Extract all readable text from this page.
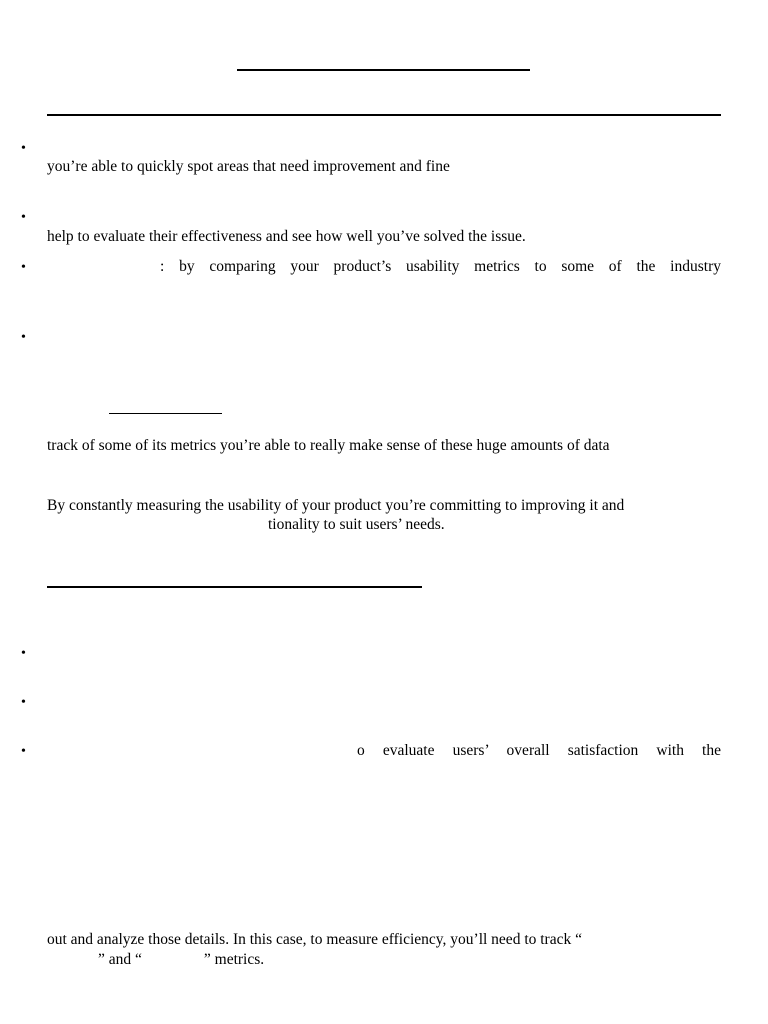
•
you’re able to quickly spot areas that need improvement and fine
•
help to evaluate their effectiveness and see how well you’ve solved the issue.
•	: by comparing your product’s usability metrics to some of the industry
•
track of some of its metrics you’re able to really make sense of these huge amounts of data
By constantly measuring the usability of your product you’re committing to improving it and
tionality to suit users’ needs.
•
•
•	o evaluate users’ overall satisfaction with the
out and analyze those details. In this case, to measure efficiency, you’ll need to track “
” and “                ” metrics.
